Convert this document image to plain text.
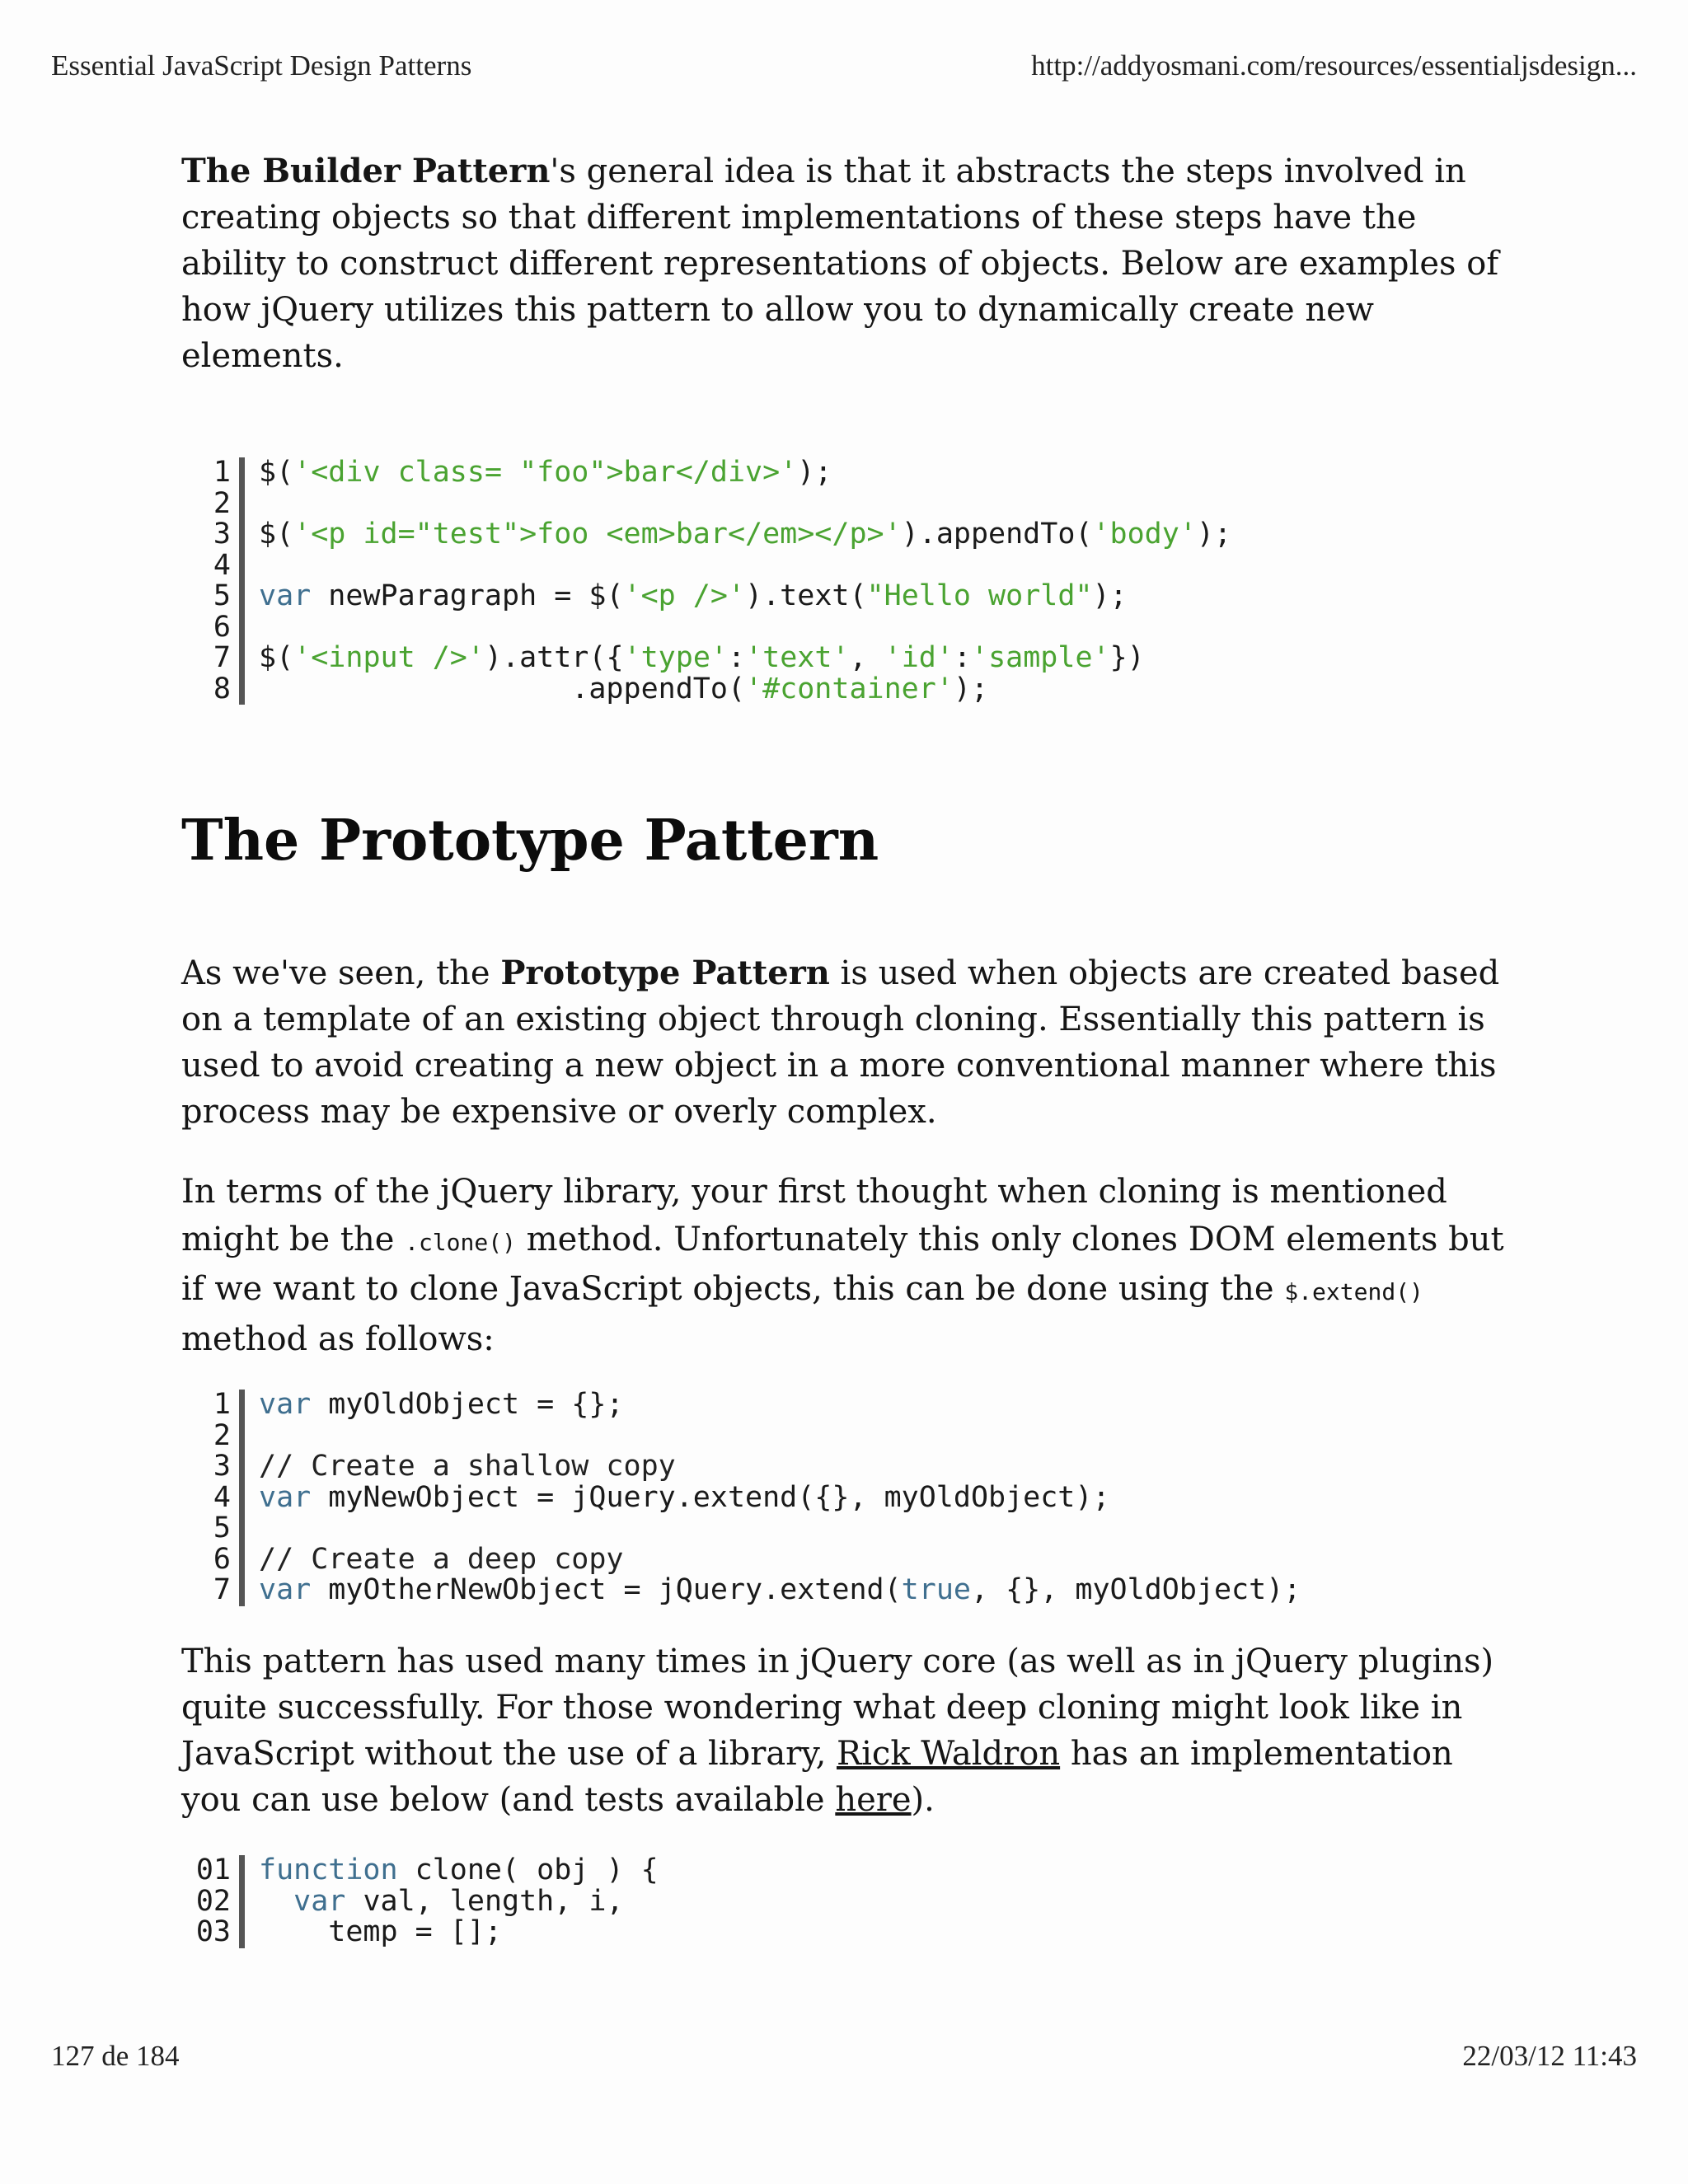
Essential JavaScript Design Patterns	http://addyosmani.com/resources/essentialjsdesign...
The Builder Pattern's general idea is that it abstracts the steps involved in creating objects so that different implementations of these steps have the ability to construct different representations of objects. Below are examples of how jQuery utilizes this pattern to allow you to dynamically create new elements.
1
2
3
4
5
6
7
8
$('<div class= "foo">bar</div>');
$('<p id="test">foo <em>bar</em></p>').appendTo('body');
var newParagraph = $('<p />').text("Hello world");
$('<input />').attr({'type':'text', 'id':'sample'})
.appendTo('#container');
The Prototype Pattern
As we've seen, the Prototype Pattern is used when objects are created based on a template of an existing object through cloning. Essentially this pattern is used to avoid creating a new object in a more conventional manner where this process may be expensive or overly complex.
In terms of the jQuery library, your first thought when cloning is mentioned might be the .clone() method. Unfortunately this only clones DOM elements but if we want to clone JavaScript objects, this can be done using the $.extend() method as follows:
1
2
3
4
5
6
7
var myOldObject = {};
// Create a shallow copy
var myNewObject = jQuery.extend({}, myOldObject);
// Create a deep copy
var myOtherNewObject = jQuery.extend(true, {}, myOldObject);
This pattern has used many times in jQuery core (as well as in jQuery plugins) quite successfully. For those wondering what deep cloning might look like in JavaScript without the use of a library, Rick Waldron has an implementation you can use below (and tests available here).
01
02
03
function clone( obj ) {
var val, length, i,
temp = [];
127 de 184	22/03/12 11:43
